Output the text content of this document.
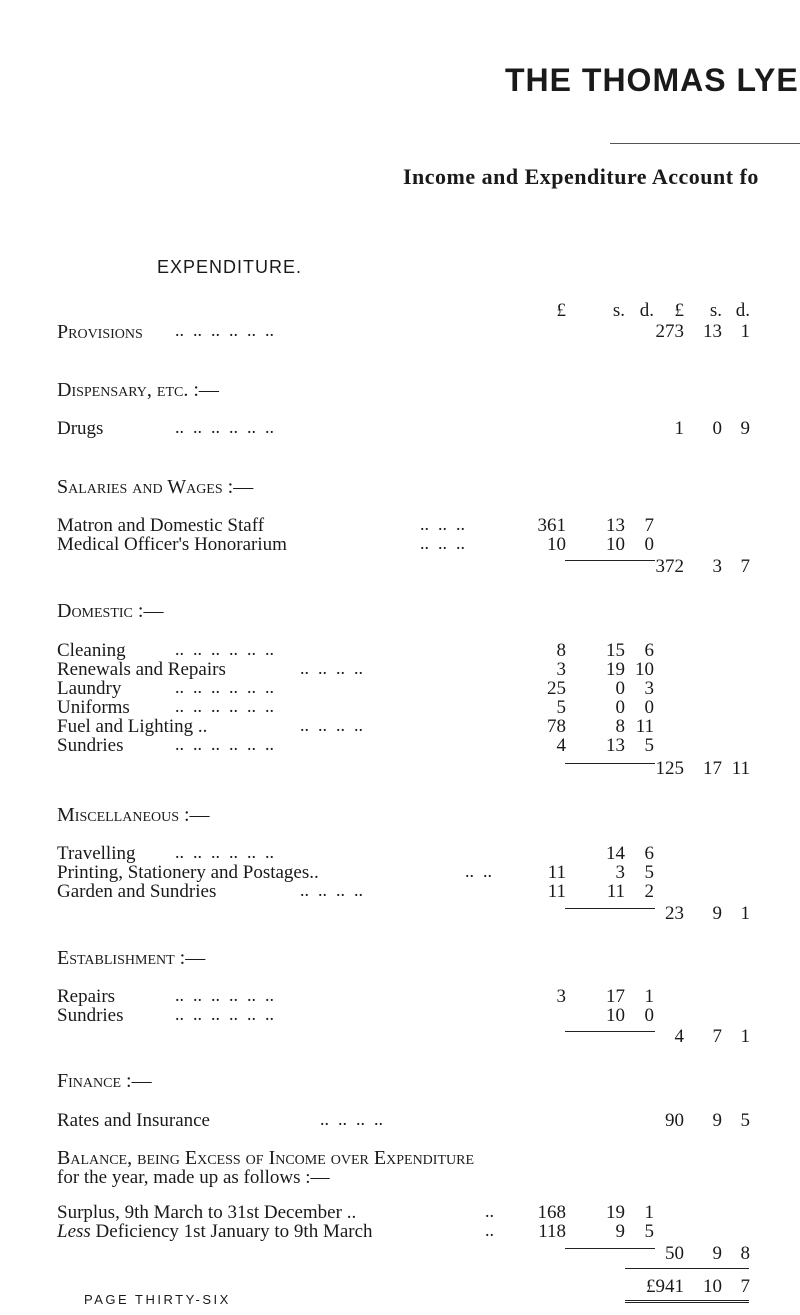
THE THOMAS LYE
Income and Expenditure Account fo
EXPENDITURE.
£	s. d.	£	s. d.
Provisions ..  ..  ..  ..  ..  ..	273	13 1
Dispensary, etc. :—
Drugs	..  ..  ..  ..  ..  ..	1	0 9
Salaries and Wages :—
Matron and Domestic Staff	..  ..  ..	361	13	7
Medical Officer's Honorarium	..  ..  ..	10	10	0
372	3 7
Domestic :—
Cleaning	..  ..  ..  ..  ..  ..	8	15	6
Renewals and Repairs	..  ..  ..  ..	3	19 10
Laundry	..  ..  ..  ..  ..  ..	25	0	3
Uniforms	..  ..  ..  ..  ..  ..	5	0	0
Fuel and Lighting ..	..  ..  ..  ..	78	8 11
Sundries	..  ..  ..  ..  ..  ..	4	13	5
125	17 11
Miscellaneous :—
Travelling ..  ..  ..  ..  ..  ..	14	6
Printing, Stationery and Postages..	..  ..	11	3	5
Garden and Sundries	..  ..  ..  ..	11	11	2
23	9 1
Establishment :—
Repairs	..  ..  ..  ..  ..  ..	3	17	1
Sundries	..  ..  ..  ..  ..  ..	10	0
4	7 1
Finance :—
Rates and Insurance	..  ..  ..  ..	90	9 5
Balance, being Excess of Income over Expenditure
for the year, made up as follows :—
Surplus, 9th March to 31st December ..	..	168	19	1
Less Deficiency 1st January to 9th March	..	118	9	5
50	9 8
£941	10 7
PAGE THIRTY-SIX
